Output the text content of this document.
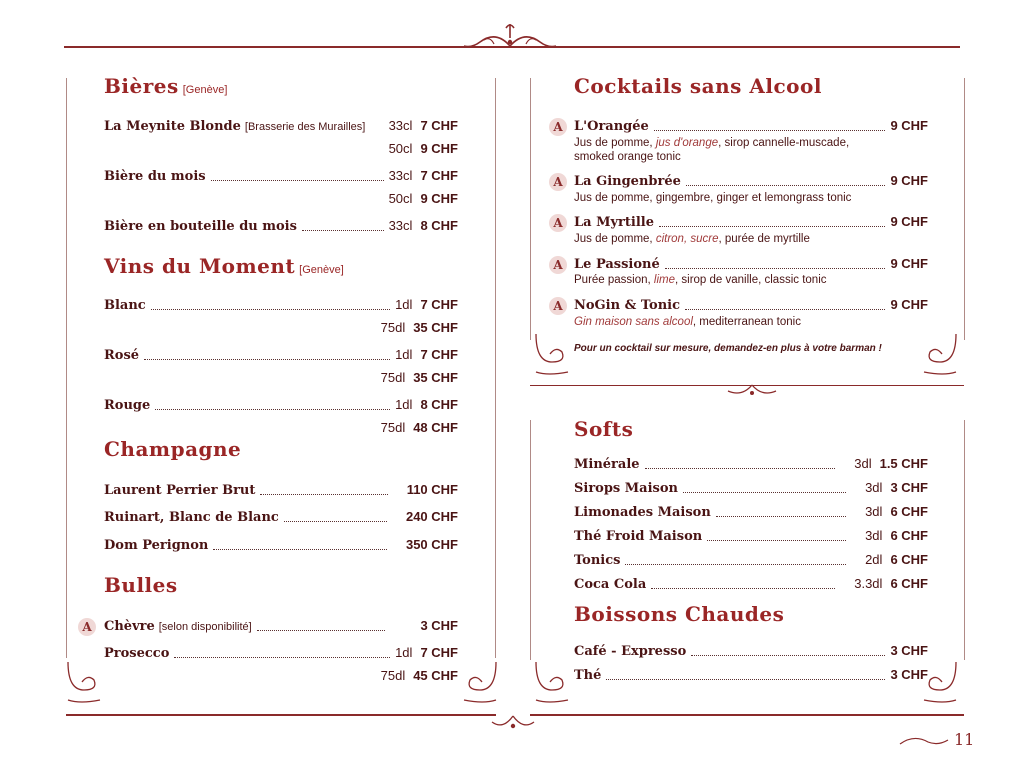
Bières [Genève]
La Meynite Blonde [Brasserie des Murailles] 33cl 7 CHF
50cl 9 CHF
Bière du mois	33cl 7 CHF
50cl 9 CHF
Bière en bouteille du mois	33cl 8 CHF
Vins du Moment [Genève]
Blanc	1dl 7 CHF
75dl 35 CHF
Rosé	1dl 7 CHF
75dl 35 CHF
Rouge	1dl 8 CHF
75dl 48 CHF
Champagne
Laurent Perrier Brut	110 CHF
Ruinart, Blanc de Blanc	240 CHF
Dom Perignon	350 CHF
Bulles
A Chèvre [selon disponibilité]	3 CHF
Prosecco	1dl 7 CHF
75dl 45 CHF
Cocktails sans Alcool
A L'Orangée	9 CHF
Jus de pomme, jus d'orange, sirop cannelle-muscade,
smoked orange tonic
A La Gingenbrée	9 CHF
Jus de pomme, gingembre, ginger et lemongrass tonic
A La Myrtille	9 CHF
Jus de pomme, citron, sucre, purée de myrtille
A Le Passioné	9 CHF
Purée passion, lime, sirop de vanille, classic tonic
A NoGin & Tonic	9 CHF
Gin maison sans alcool, mediterranean tonic
Pour un cocktail sur mesure, demandez-en plus à votre barman !
Softs
Minérale	3dl 1.5 CHF
Sirops Maison	3dl 3 CHF
Limonades Maison	3dl 6 CHF
Thé Froid Maison	3dl 6 CHF
Tonics	2dl 6 CHF
Coca Cola	3.3dl 6 CHF
Boissons Chaudes
Café - Expresso	3 CHF
Thé	3 CHF
11
